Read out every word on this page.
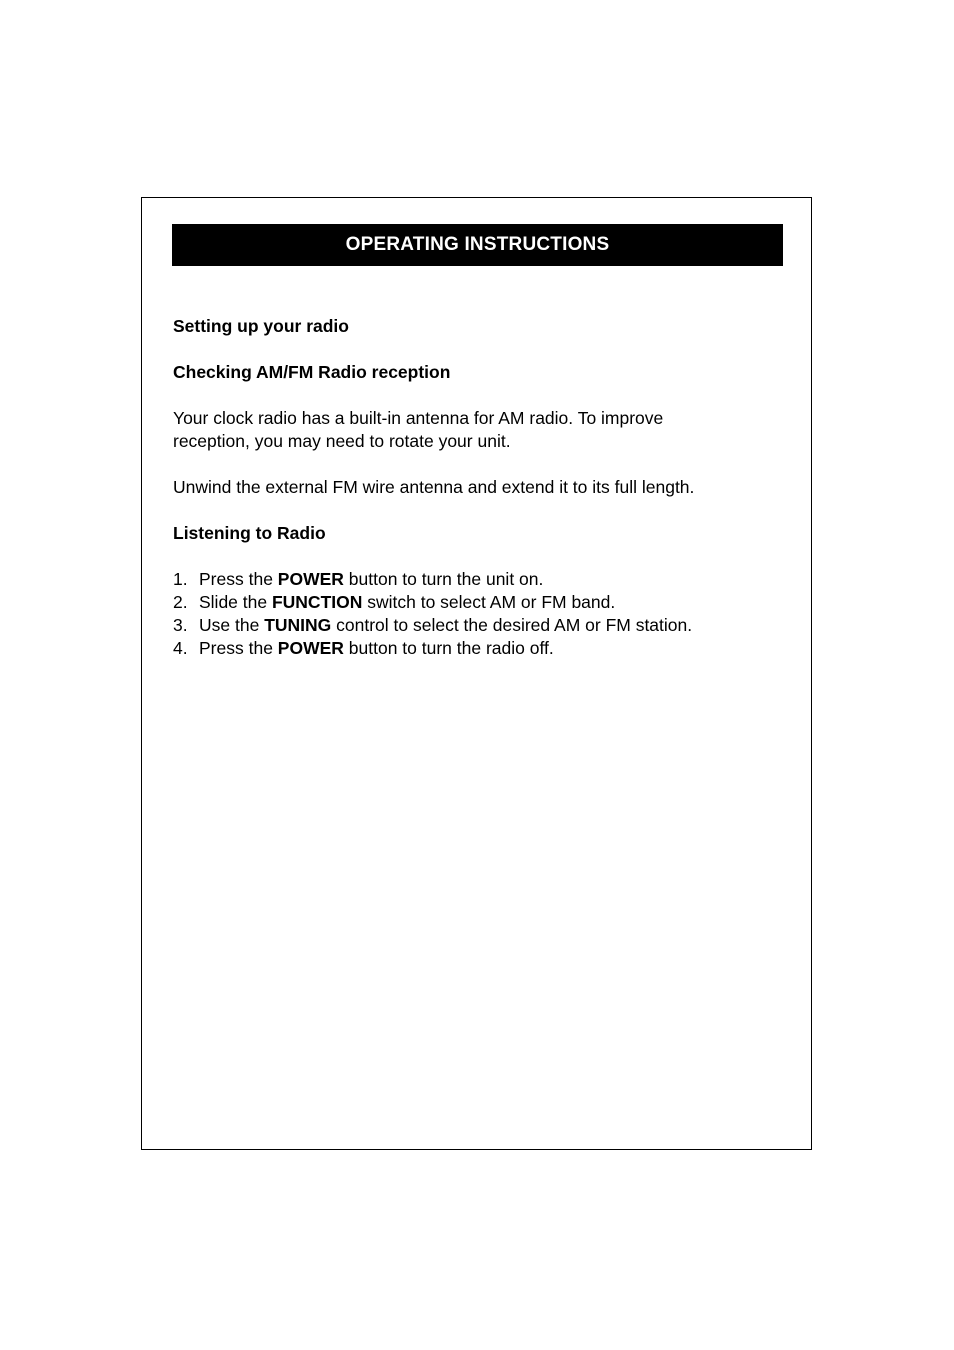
OPERATING INSTRUCTIONS

Setting up your radio

Checking AM/FM Radio reception

Your clock radio has a built-in antenna for AM radio. To improve

reception, you may need to rotate your unit.

Unwind the external FM wire antenna and extend it to its full length.

Listening to Radio

1. Press the POWER button to turn the unit on.
2. Slide the FUNCTION switch to select AM or FM band.
3. Use the TUNING control to select the desired AM or FM station.
4. Press the POWER button to turn the radio off.
